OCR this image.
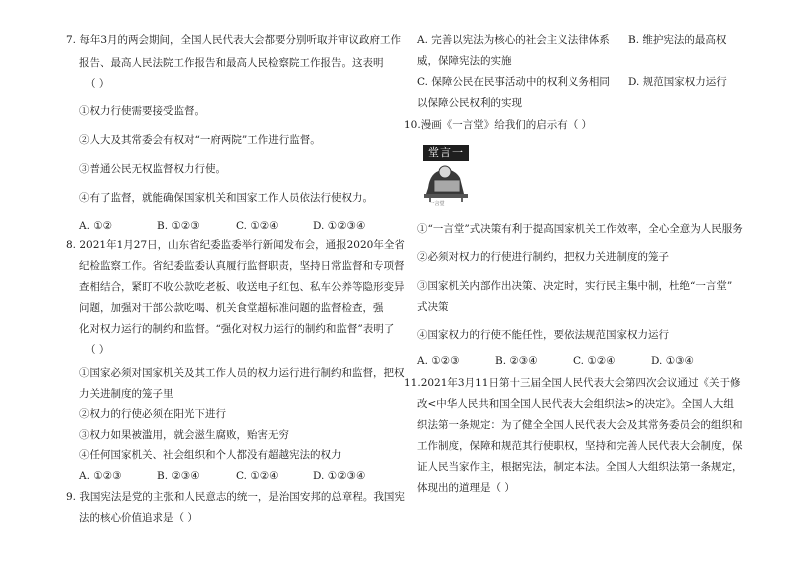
7. 每年3月的两会期间，全国人民代表大会都要分别听取并审议政府工作
报告、最高人民法院工作报告和最高人民检察院工作报告。这表明
（ ）
①权力行使需要接受监督。
②人大及其常委会有权对“一府两院”工作进行监督。
③普通公民无权监督权力行使。
④有了监督，就能确保国家机关和国家工作人员依法行使权力。
A. ①②	B. ①②③	C. ①②④	D. ①②③④
8. 2021年1月27日，山东省纪委监委举行新闻发布会，通报2020年全省
纪检监察工作。省纪委监委认真履行监督职责，坚持日常监督和专项督
查相结合，紧盯不收公款吃老板、收送电子红包、私车公养等隐形变异
问题，加强对干部公款吃喝、机关食堂超标准问题的监督检查，强
化对权力运行的制约和监督。“强化对权力运行的制约和监督”表明了
（ ）
①国家必须对国家机关及其工作人员的权力运行进行制约和监督，把权
力关进制度的笼子里
②权力的行使必须在阳光下进行
③权力如果被滥用，就会滋生腐败，贻害无穷
④任何国家机关、社会组织和个人都没有超越宪法的权力
A. ①②③	B. ②③④	C. ①②④	D. ①②③④
9. 我国宪法是党的主张和人民意志的统一，是治国安邦的总章程。我国宪
法的核心价值追求是（ ）
A. 完善以宪法为核心的社会主义法律体系 B. 维护宪法的最高权
威，保障宪法的实施
C. 保障公民在民事活动中的权利义务相同 D. 规范国家权力运行
以保障公民权利的实现
10.漫画《一言堂》给我们的启示有（ ）
堂言一
一言堂
①“一言堂”式决策有利于提高国家机关工作效率，全心全意为人民服务
②必须对权力的行使进行制约，把权力关进制度的笼子
③国家机关内部作出决策、决定时，实行民主集中制，杜绝“一言堂”
式决策
④国家权力的行使不能任性，要依法规范国家权力运行
A. ①②③	B. ②③④	C. ①②④	D. ①③④
11.2021年3月11日第十三届全国人民代表大会第四次会议通过《关于修
改<中华人民共和国全国人民代表大会组织法>的决定》。全国人大组
织法第一条规定：为了健全全国人民代表大会及其常务委员会的组织和
工作制度，保障和规范其行使职权，坚持和完善人民代表大会制度，保
证人民当家作主，根据宪法，制定本法。全国人大组织法第一条规定，
体现出的道理是（ ）
